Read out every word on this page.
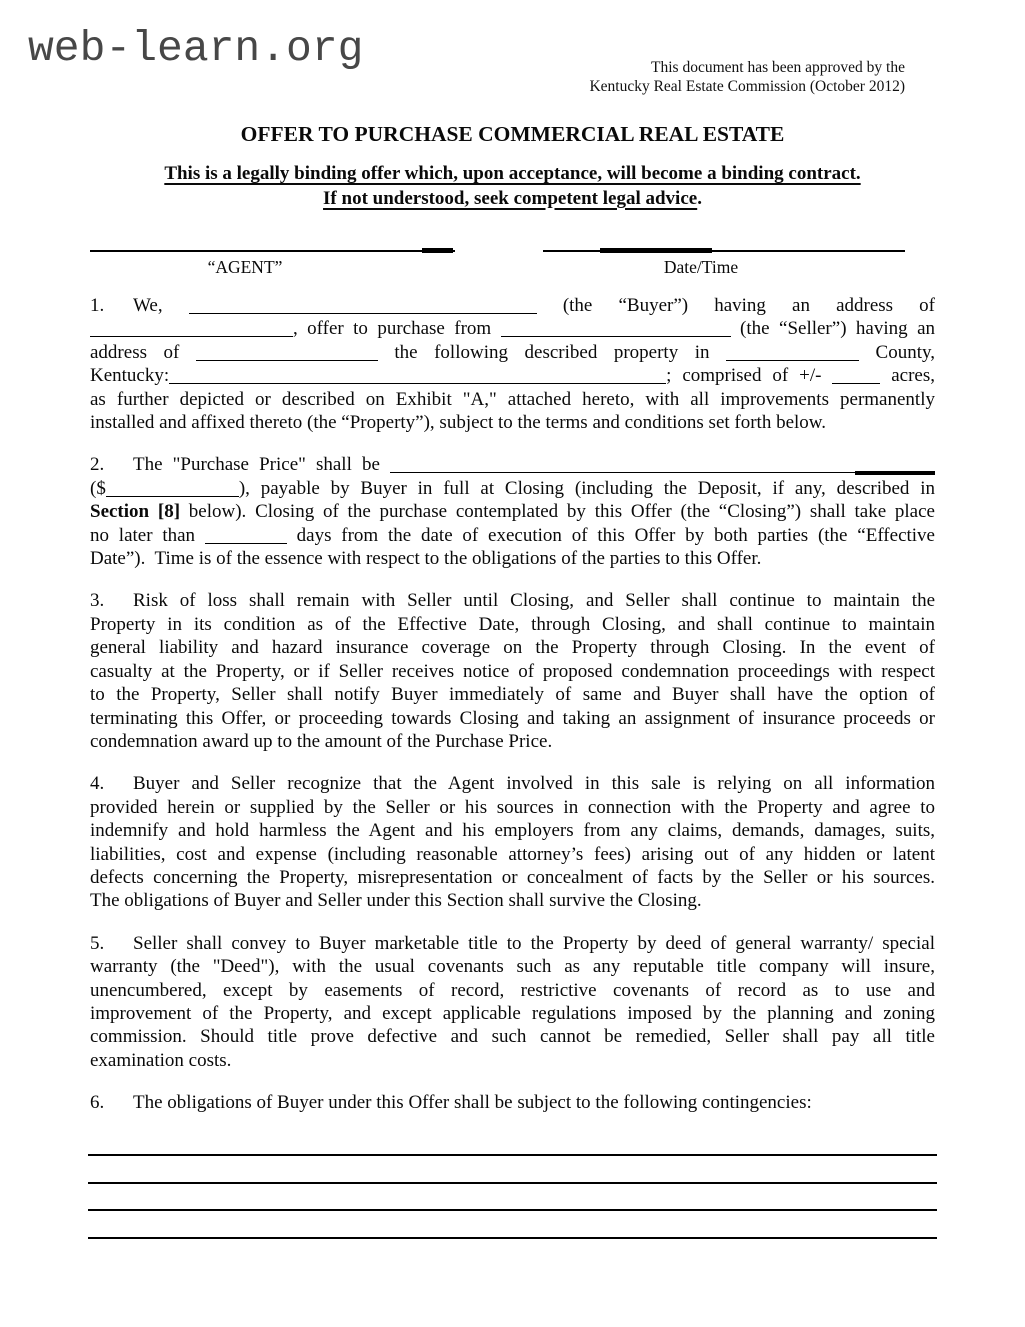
web-learn.org	This document has been approved by the
Kentucky Real Estate Commission (October 2012)
OFFER TO PURCHASE COMMERCIAL REAL ESTATE
This is a legally binding offer which, upon acceptance, will become a binding contract.
If not understood, seek competent legal advice.
“AGENT”	Date/Time
1. We,	(the “Buyer”) having an address of
, offer to purchase from	(the “Seller”) having an
address of	the following described property in	County,
Kentucky:	; comprised of +/-	acres,
as further depicted or described on Exhibit "A," attached hereto, with all improvements permanently
installed and affixed thereto (the “Property”), subject to the terms and conditions set forth below.
2. The "Purchase Price" shall be
($	), payable by Buyer in full at Closing (including the Deposit, if any, described in
Section [8] below). Closing of the purchase contemplated by this Offer (the “Closing”) shall take place
no later than	days from the date of execution of this Offer by both parties (the “Effective
Date”).  Time is of the essence with respect to the obligations of the parties to this Offer.
3. Risk of loss shall remain with Seller until Closing, and Seller shall continue to maintain the
Property in its condition as of the Effective Date, through Closing, and shall continue to maintain
general liability and hazard insurance coverage on the Property through Closing. In the event of
casualty at the Property, or if Seller receives notice of proposed condemnation proceedings with respect
to the Property, Seller shall notify Buyer immediately of same and Buyer shall have the option of
terminating this Offer, or proceeding towards Closing and taking an assignment of insurance proceeds or
condemnation award up to the amount of the Purchase Price.
4. Buyer and Seller recognize that the Agent involved in this sale is relying on all information
provided herein or supplied by the Seller or his sources in connection with the Property and agree to
indemnify and hold harmless the Agent and his employers from any claims, demands, damages, suits,
liabilities, cost and expense (including reasonable attorney’s fees) arising out of any hidden or latent
defects concerning the Property, misrepresentation or concealment of facts by the Seller or his sources.
The obligations of Buyer and Seller under this Section shall survive the Closing.
5. Seller shall convey to Buyer marketable title to the Property by deed of general warranty/ special
warranty (the "Deed"), with the usual covenants such as any reputable title company will insure,
unencumbered, except by easements of record, restrictive covenants of record as to use and
improvement of the Property, and except applicable regulations imposed by the planning and zoning
commission. Should title prove defective and such cannot be remedied, Seller shall pay all title
examination costs.
6. The obligations of Buyer under this Offer shall be subject to the following contingencies:
